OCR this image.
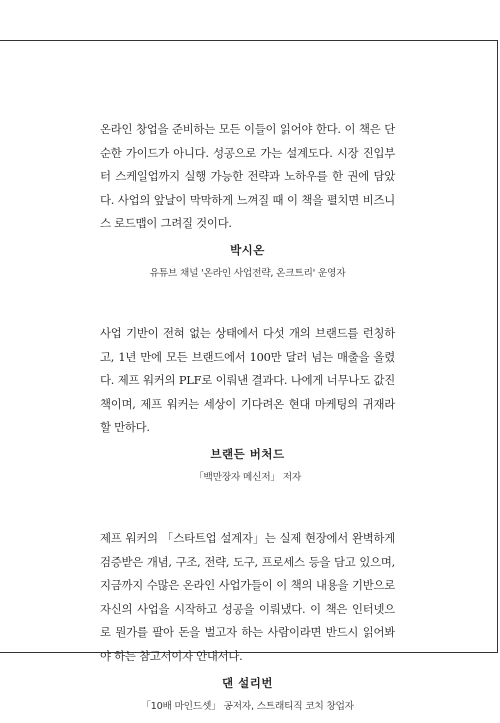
온라인 창업을 준비하는 모든 이들이 읽어야 한다. 이 책은 단순한 가이드가 아니다. 성공으로 가는 설계도다. 시장 진입부터 스케일업까지 실행 가능한 전략과 노하우를 한 권에 담았다. 사업의 앞날이 막막하게 느껴질 때 이 책을 펼치면 비즈니스 로드맵이 그려질 것이다.

박시온

유튜브 채널 '온라인 사업전략, 온크트리' 운영자

사업 기반이 전혀 없는 상태에서 다섯 개의 브랜드를 런칭하고, 1년 만에 모든 브랜드에서 100만 달러 넘는 매출을 올렸다. 제프 워커의 PLF로 이뤄낸 결과다. 나에게 너무나도 값진 책이며, 제프 워커는 세상이 기다려온 현대 마케팅의 귀재라 할 만하다.

브랜든 버처드

「백만장자 메신저」 저자

제프 워커의 「스타트업 설계자」는 실제 현장에서 완벽하게 검증받은 개념, 구조, 전략, 도구, 프로세스 등을 담고 있으며, 지금까지 수많은 온라인 사업가들이 이 책의 내용을 기반으로 자신의 사업을 시작하고 성공을 이뤄냈다. 이 책은 인터넷으로 뭔가를 팔아 돈을 벌고자 하는 사람이라면 반드시 읽어봐야 하는 참고서이자 안내서다.

댄 설리번

「10배 마인드셋」 공저자, 스트래티직 코치 창업자
